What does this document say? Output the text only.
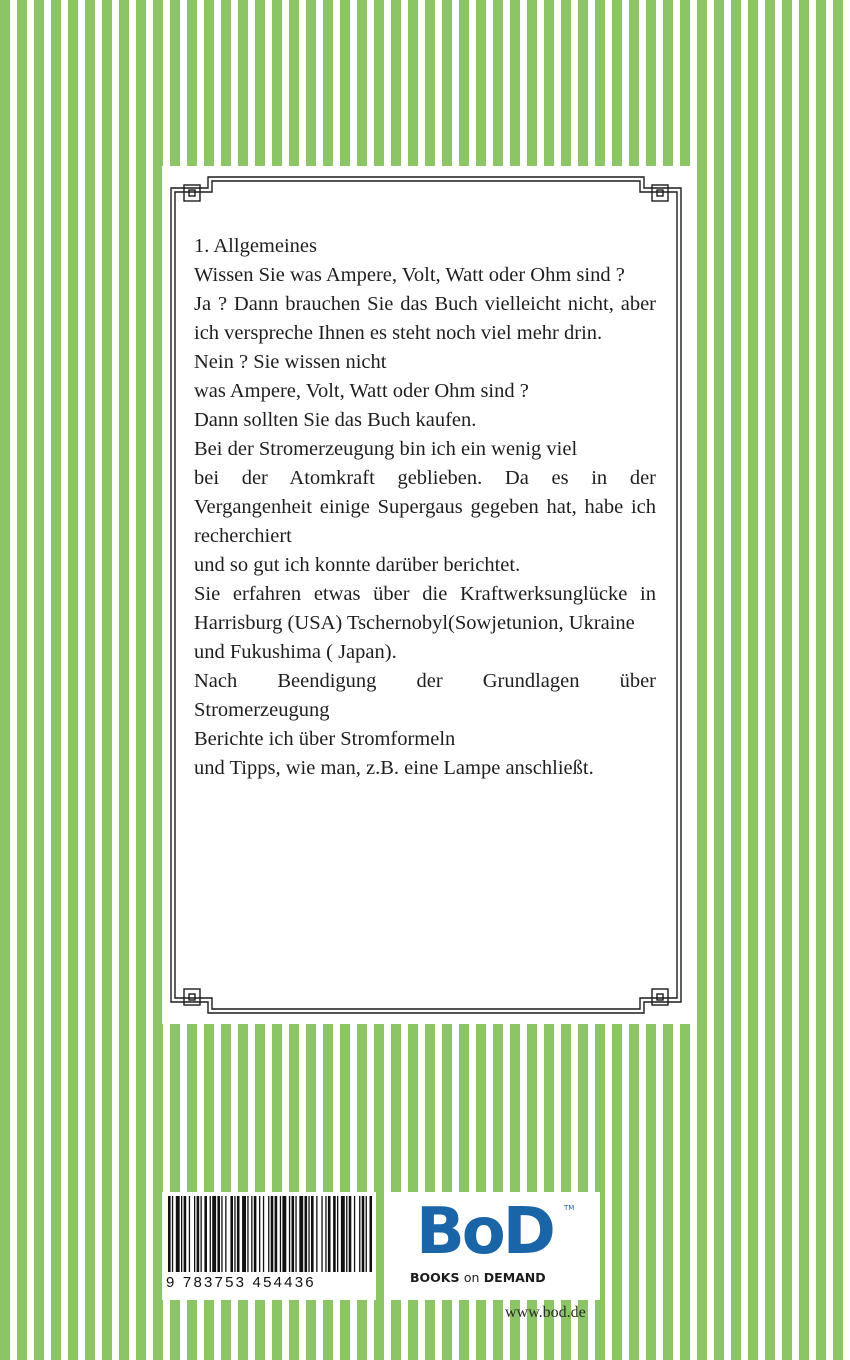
1. Allgemeines

Wissen Sie was Ampere, Volt, Watt oder Ohm sind ?

Ja ? Dann brauchen Sie das Buch vielleicht nicht, aber ich verspreche Ihnen es steht noch viel mehr drin.

Nein ? Sie wissen nicht

was Ampere, Volt, Watt oder Ohm sind ?

Dann sollten Sie das Buch kaufen.

Bei der Stromerzeugung bin ich ein wenig viel

bei der Atomkraft geblieben. Da es in der Vergangenheit einige Supergaus gegeben hat, habe ich recherchiert

und so gut ich konnte darüber berichtet.

Sie erfahren etwas über die Kraftwerksunglücke in Harrisburg (USA) Tschernobyl(Sowjetunion, Ukraine

und Fukushima ( Japan).

Nach Beendigung der Grundlagen über Stromerzeugung

Berichte ich über Stromformeln

und Tipps, wie man, z.B. eine Lampe anschließt.

9 783753 454436
BoD TM
BOOKS on DEMAND
www.bod.de
